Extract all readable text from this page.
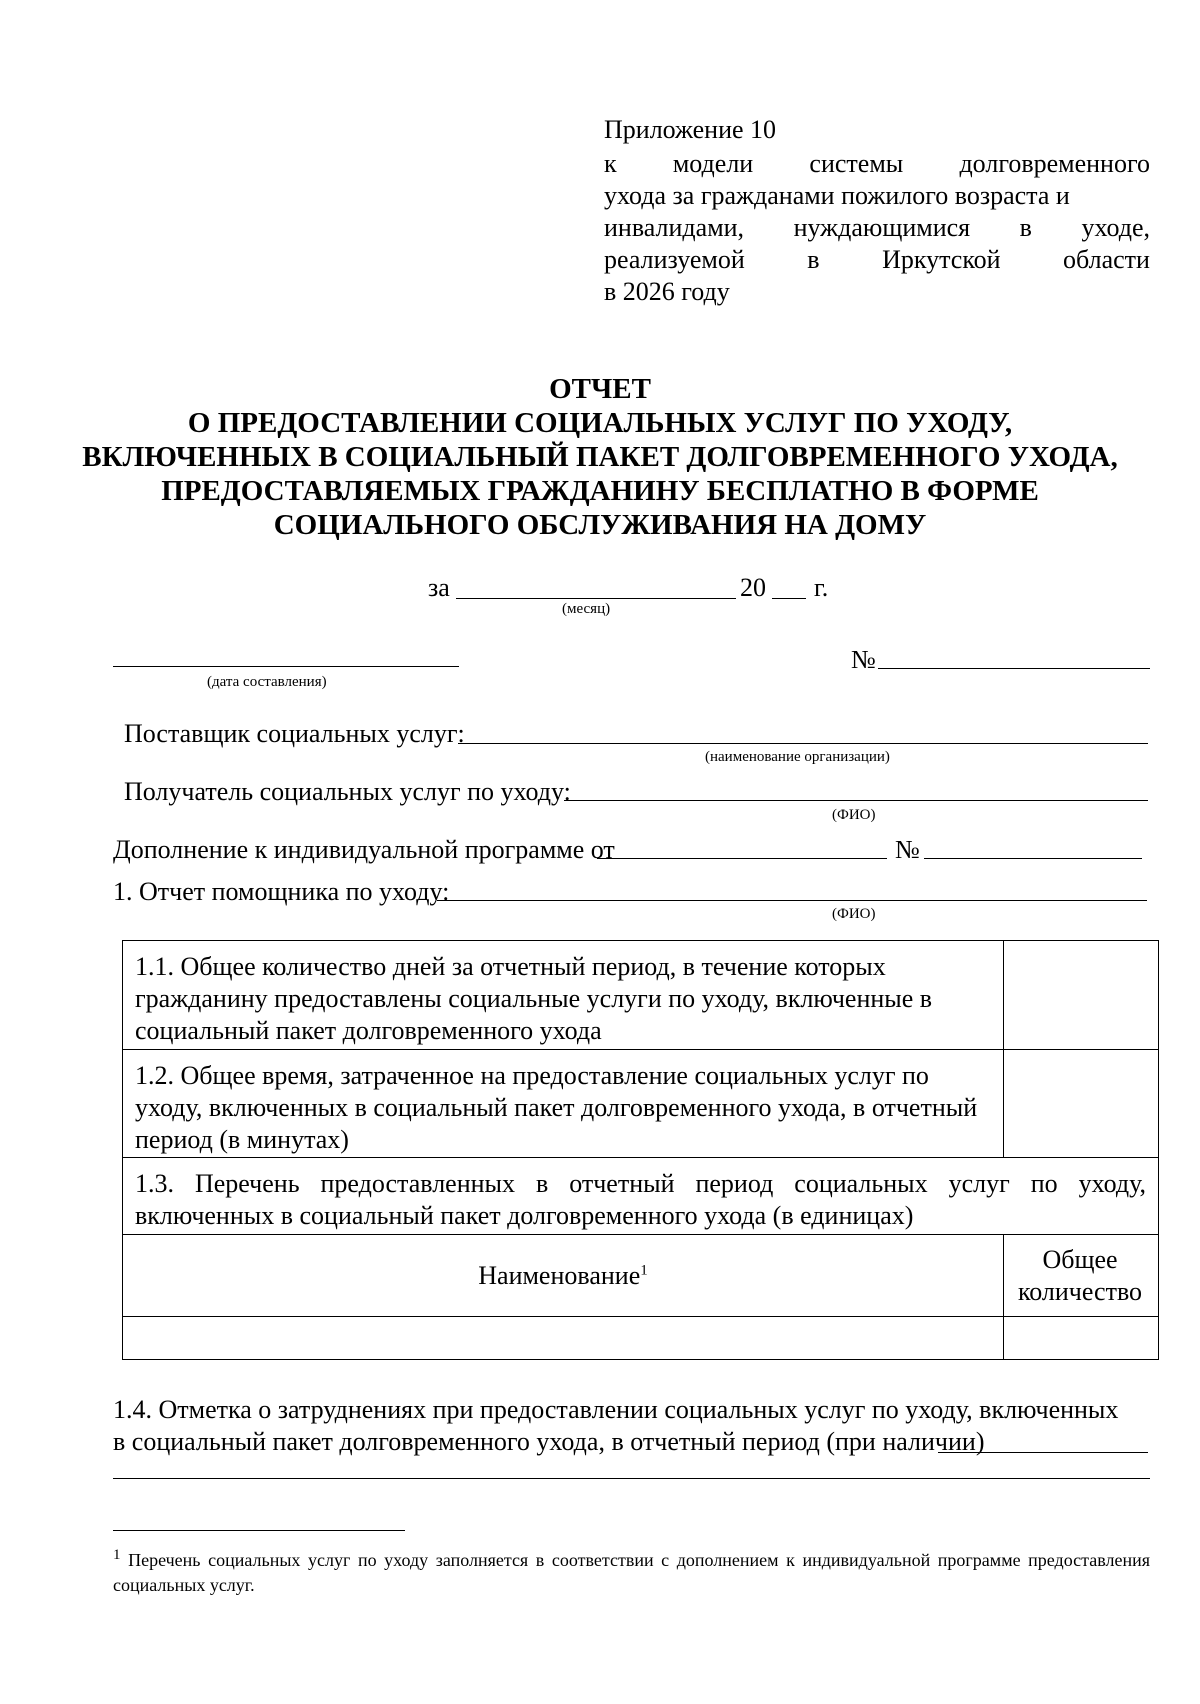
Приложение 10
к модели системы долговременного
ухода за гражданами пожилого возраста и
инвалидами, нуждающимися в уходе,
реализуемой в Иркутской области
в 2026 году
ОТЧЕТ
О ПРЕДОСТАВЛЕНИИ СОЦИАЛЬНЫХ УСЛУГ ПО УХОДУ,
ВКЛЮЧЕННЫХ В СОЦИАЛЬНЫЙ ПАКЕТ ДОЛГОВРЕМЕННОГО УХОДА,
ПРЕДОСТАВЛЯЕМЫХ ГРАЖДАНИНУ БЕСПЛАТНО В ФОРМЕ
СОЦИАЛЬНОГО ОБСЛУЖИВАНИЯ НА ДОМУ
за	20 г.
(месяц)
(дата составления)
№
Поставщик социальных услуг:
(наименование организации)
Получатель социальных услуг по уходу:
(ФИО)
Дополнение к индивидуальной программе от	№
1. Отчет помощника по уходу:
(ФИО)
1.1. Общее количество дней за отчетный период, в течение которых гражданину предоставлены социальные услуги по уходу, включенные в социальный пакет долговременного ухода
1.2. Общее время, затраченное на предоставление социальных услуг по уходу, включенных в социальный пакет долговременного ухода, в отчетный период (в минутах)
1.3. Перечень предоставленных в отчетный период социальных услуг по уходу, включенных в социальный пакет долговременного ухода (в единицах)
Наименование$^1$	Общее количество
1.4. Отметка о затруднениях при предоставлении социальных услуг по уходу, включенных
в социальный пакет долговременного ухода, в отчетный период (при наличии)
$^1$ Перечень социальных услуг по уходу заполняется в соответствии с дополнением к индивидуальной программе предоставления социальных услуг.
